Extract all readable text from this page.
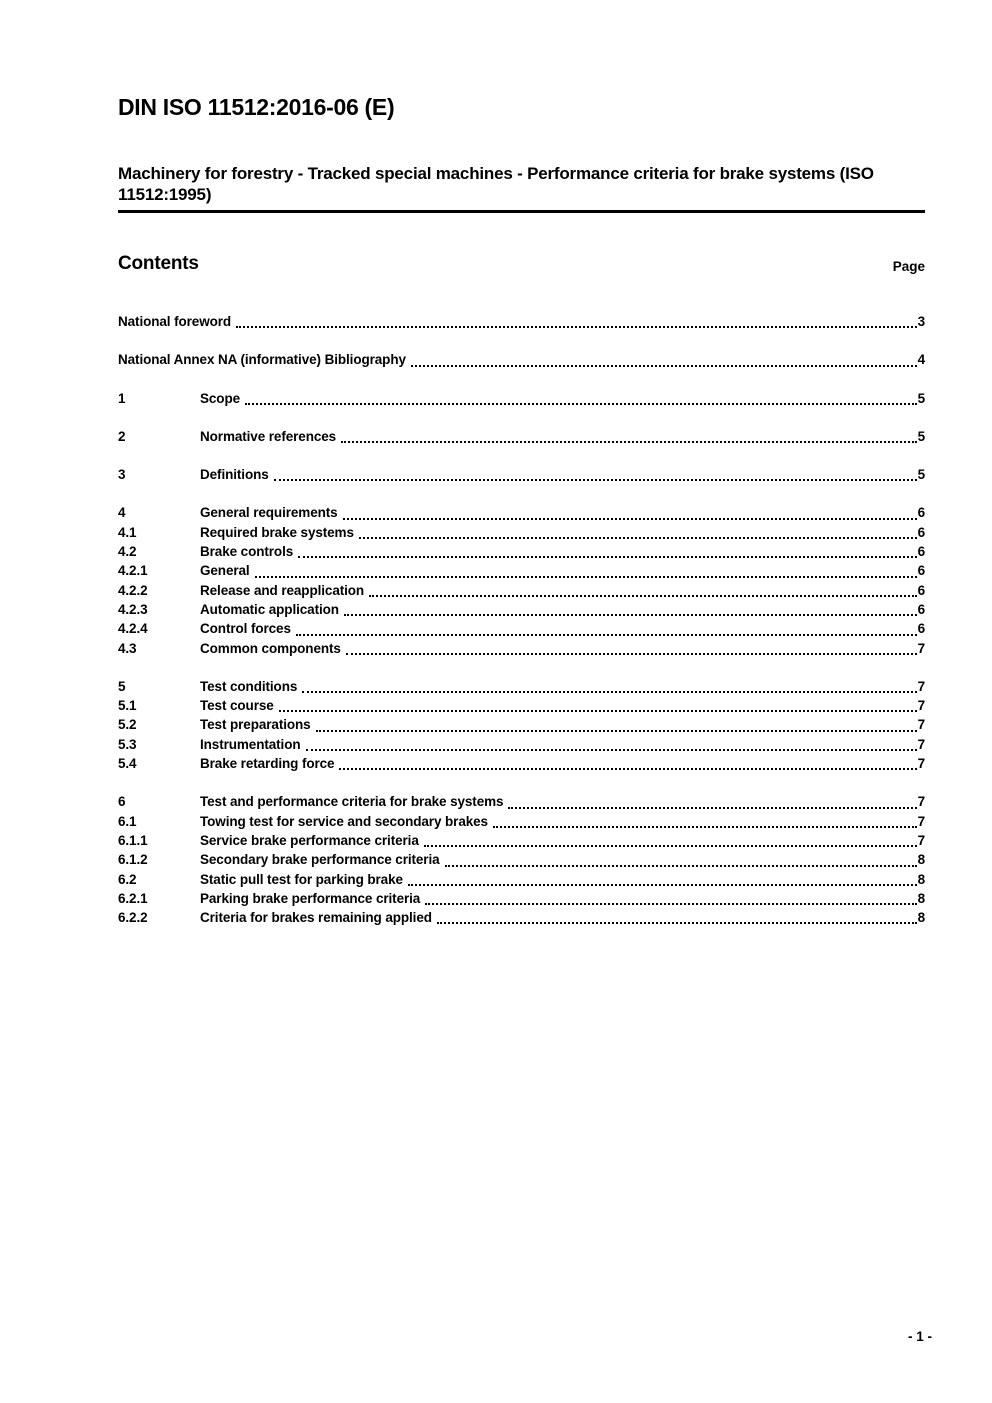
DIN ISO 11512:2016-06 (E)
Machinery for forestry - Tracked special machines - Performance criteria for brake systems (ISO 11512:1995)
Contents	Page
National foreword	3
National Annex NA (informative) Bibliography	4
1	Scope	5
2	Normative references	5
3	Definitions	5
4	General requirements	6
4.1	Required brake systems	6
4.2	Brake controls	6
4.2.1	General	6
4.2.2	Release and reapplication	6
4.2.3	Automatic application	6
4.2.4	Control forces	6
4.3	Common components	7
5	Test conditions	7
5.1	Test course	7
5.2	Test preparations	7
5.3	Instrumentation	7
5.4	Brake retarding force	7
6	Test and performance criteria for brake systems	7
6.1	Towing test for service and secondary brakes	7
6.1.1	Service brake performance criteria	7
6.1.2	Secondary brake performance criteria	8
6.2	Static pull test for parking brake	8
6.2.1	Parking brake performance criteria	8
6.2.2	Criteria for brakes remaining applied	8
- 1 -
